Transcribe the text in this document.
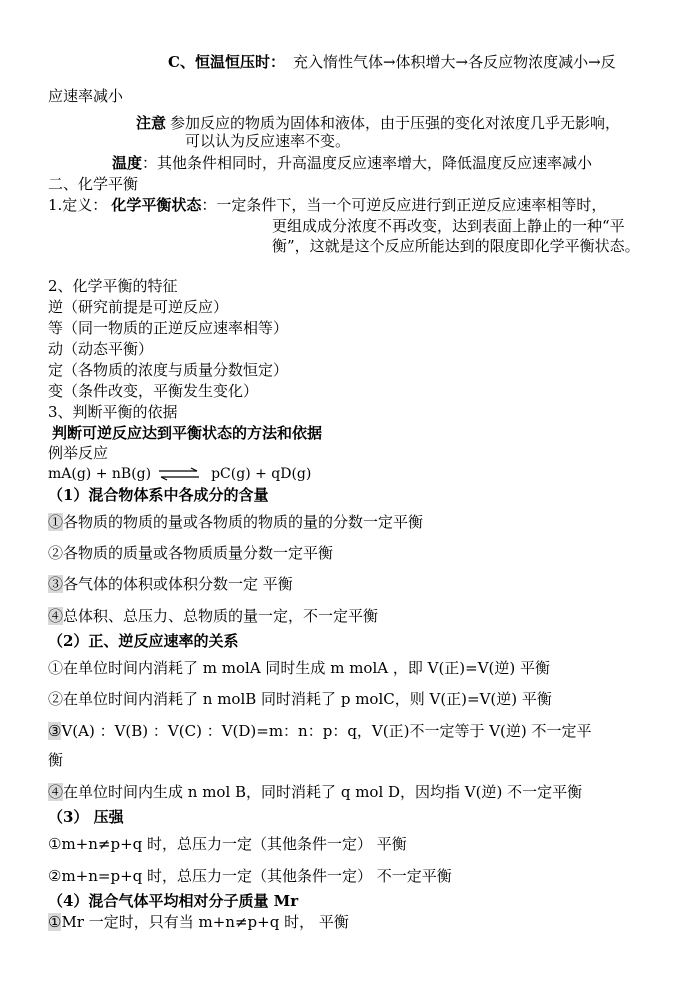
C、恒温恒压时： 充入惰性气体→体积增大→各反应物浓度减小→反
应速率减小
注意 参加反应的物质为固体和液体，由于压强的变化对浓度几乎无影响，
可以认为反应速率不变。
温度：其他条件相同时，升高温度反应速率增大，降低温度反应速率减小
二、化学平衡
1.定义： 化学平衡状态：一定条件下，当一个可逆反应进行到正逆反应速率相等时，
更组成成分浓度不再改变，达到表面上静止的一种“平
衡”，这就是这个反应所能达到的限度即化学平衡状态。
2、化学平衡的特征
逆（研究前提是可逆反应）
等（同一物质的正逆反应速率相等）
动（动态平衡）
定（各物质的浓度与质量分数恒定）
变（条件改变，平衡发生变化）
3、判断平衡的依据
判断可逆反应达到平衡状态的方法和依据
例举反应
mA(g) + nB(g) ⇌ pC(g) + qD(g)
（1）混合物体系中各成分的含量
①各物质的物质的量或各物质的物质的量的分数一定平衡
②各物质的质量或各物质质量分数一定平衡
③各气体的体积或体积分数一定 平衡
④总体积、总压力、总物质的量一定，不一定平衡
（2）正、逆反应速率的关系
①在单位时间内消耗了 m molA 同时生成 m molA ，即 V(正)=V(逆) 平衡
②在单位时间内消耗了 n molB 同时消耗了 p molC，则 V(正)=V(逆) 平衡
③V(A) ：V(B) ：V(C) ：V(D)=m：n：p：q，V(正)不一定等于 V(逆) 不一定平
衡
④在单位时间内生成 n mol B，同时消耗了 q mol D，因均指 V(逆) 不一定平衡
（3） 压强
①m+n≠p+q 时，总压力一定（其他条件一定） 平衡
②m+n=p+q 时，总压力一定（其他条件一定） 不一定平衡
（4）混合气体平均相对分子质量 Mr
①Mr 一定时，只有当 m+n≠p+q 时， 平衡
